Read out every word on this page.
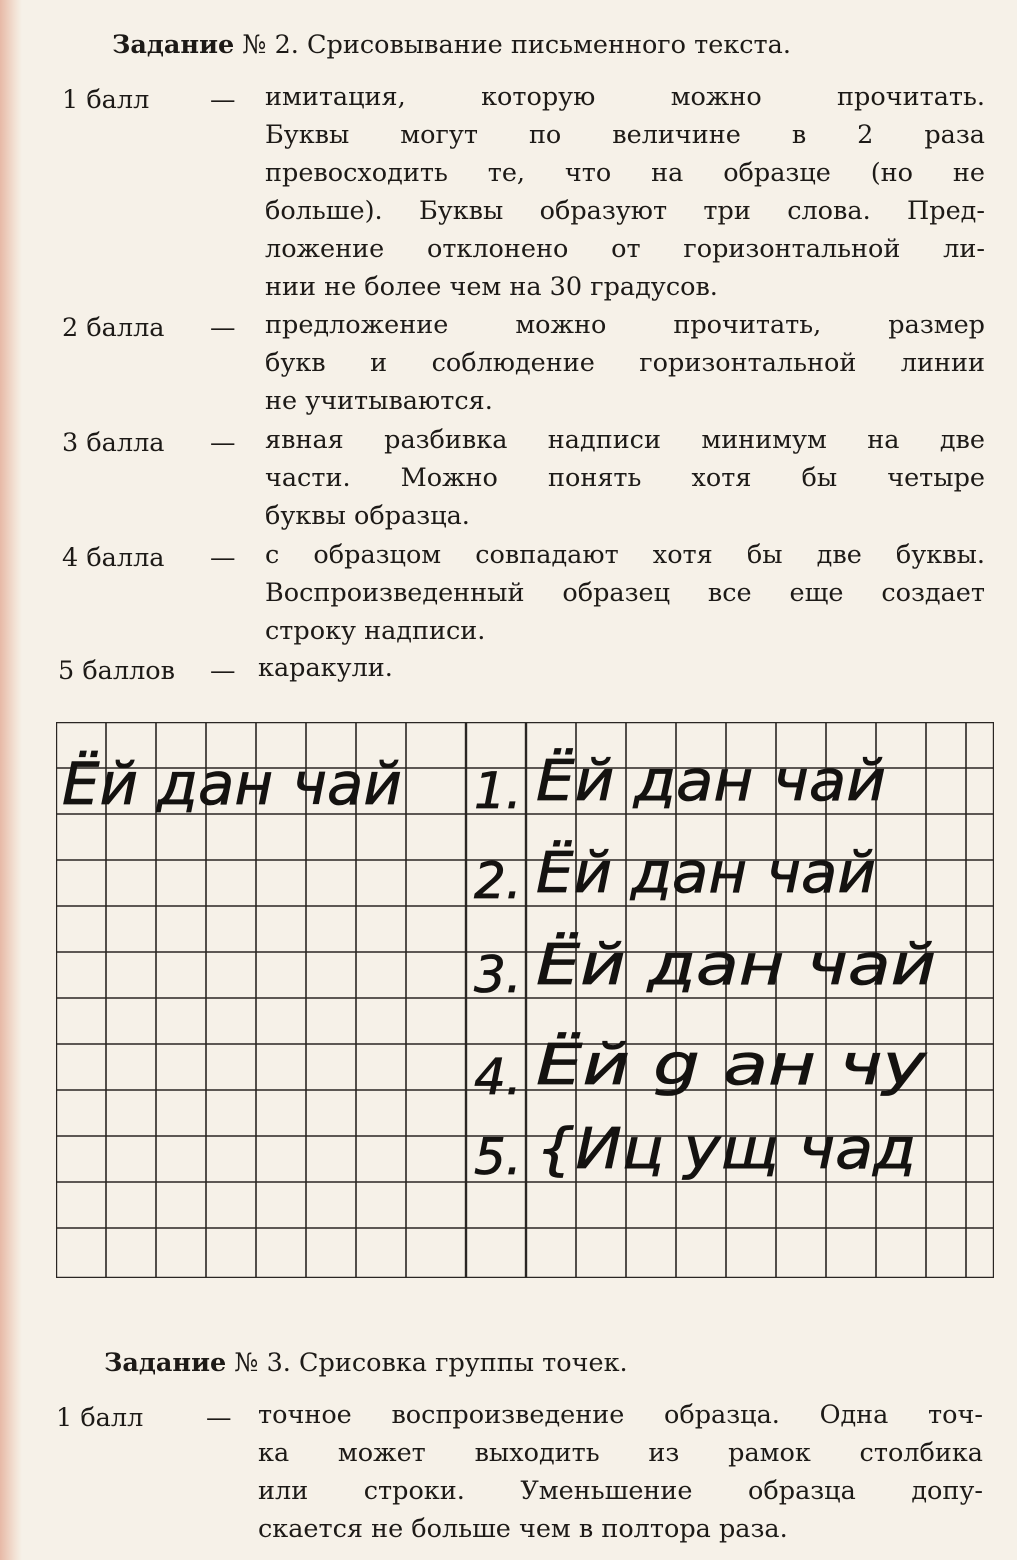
Задание № 2. Срисовывание письменного текста.
1 балл — имитация, которую можно прочитать.
Буквы могут по величине в 2 раза
превосходить те, что на образце (но не
больше). Буквы образуют три слова. Пред-
ложение отклонено от горизонтальной ли-
нии не более чем на 30 градусов.
2 балла — предложение можно прочитать, размер
букв и соблюдение горизонтальной линии
не учитываются.
3 балла — явная разбивка надписи минимум на две
части. Можно понять хотя бы четыре
буквы образца.
4 балла — с образцом совпадают хотя бы две буквы.
Воспроизведенный образец все еще создает
строку надписи.
5 баллов — каракули.
Ёй дан чай 1. Ёй дан чай
2. Ёй дан чай
3. Ёй дан чай
4. Ёй g ан чу
5. {Иц ущ чад
Задание № 3. Срисовка группы точек.
1 балл — точное воспроизведение образца. Одна точ-
ка может выходить из рамок столбика
или строки. Уменьшение образца допу-
скается не больше чем в полтора раза.
